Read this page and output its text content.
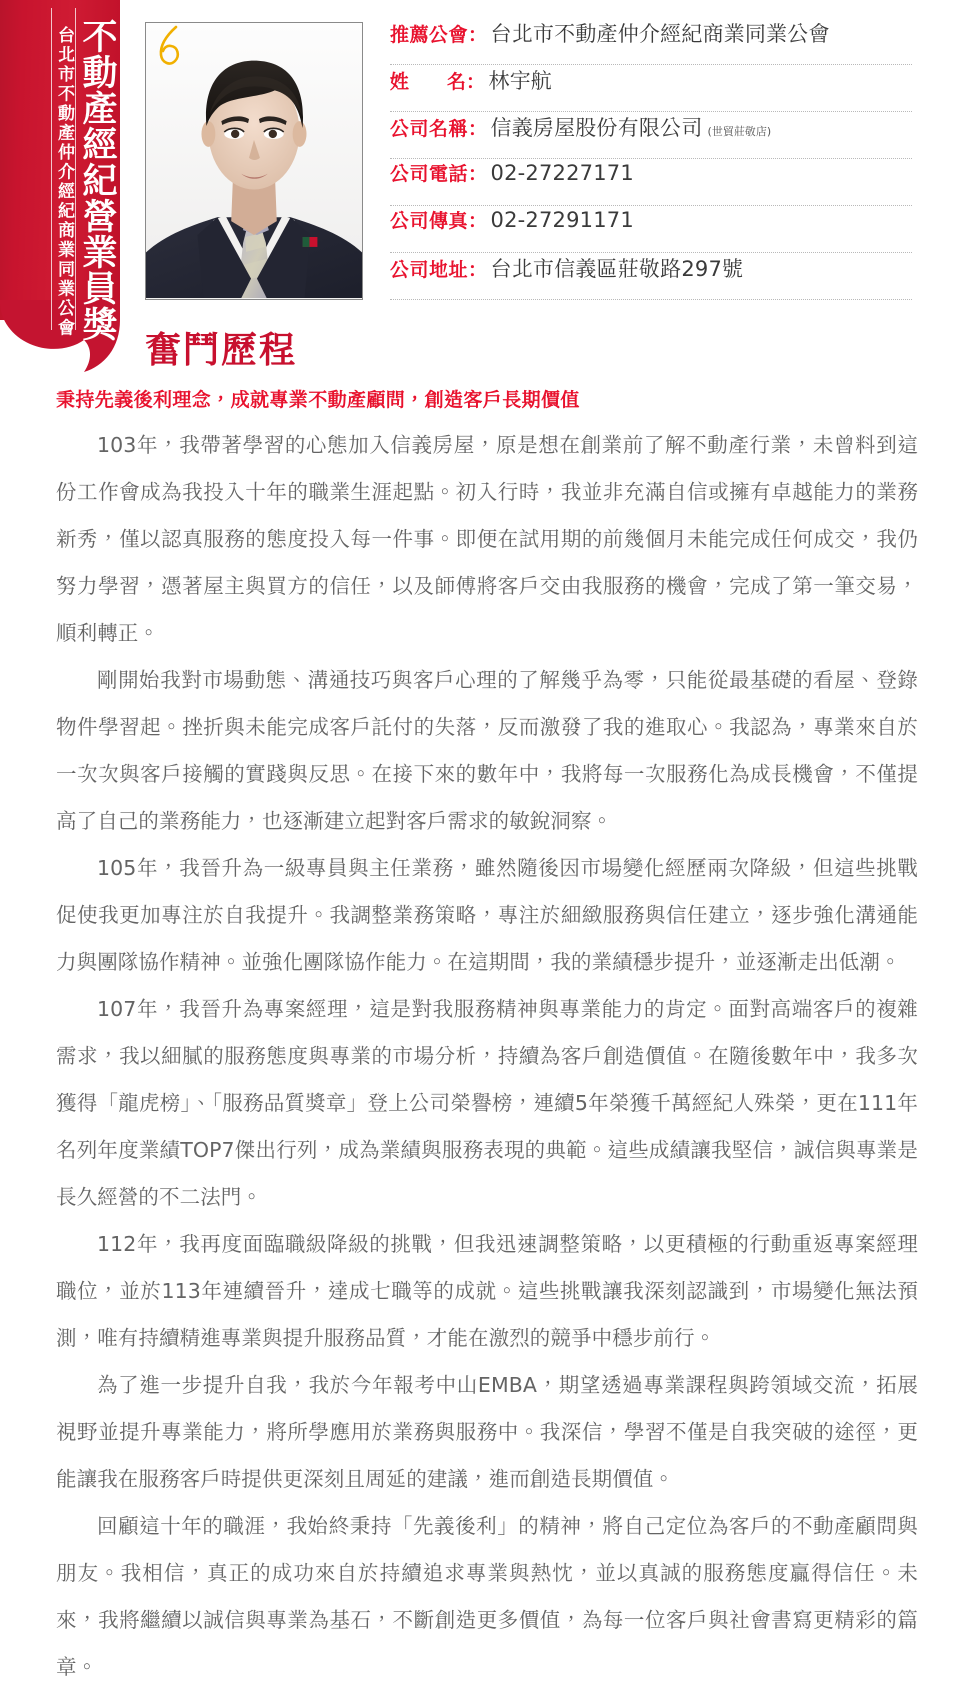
不動產經紀營業員獎
台北市不動產仲介經紀商業同業公會	推薦公會 ： 台北市不動產仲介經紀商業同業公會
姓　　名 ： 林宇航
公司名稱 ： 信義房屋股份有限公司 (世貿莊敬店)
公司電話 ： 02-27227171
公司傳真 ： 02-27291171
公司地址 ： 台北市信義區莊敬路297號
奮鬥歷程

秉持先義後利理念，成就專業不動產顧問，創造客戶長期價值

103年，我帶著學習的心態加入信義房屋，原是想在創業前了解不動產行業，未曾料到這份工作會成為我投入十年的職業生涯起點。初入行時，我並非充滿自信或擁有卓越能力的業務新秀，僅以認真服務的態度投入每一件事。即便在試用期的前幾個月未能完成任何成交，我仍努力學習，憑著屋主與買方的信任，以及師傅將客戶交由我服務的機會，完成了第一筆交易，順利轉正。

剛開始我對市場動態、溝通技巧與客戶心理的了解幾乎為零，只能從最基礎的看屋、登錄物件學習起。挫折與未能完成客戶託付的失落，反而激發了我的進取心。我認為，專業來自於一次次與客戶接觸的實踐與反思。在接下來的數年中，我將每一次服務化為成長機會，不僅提高了自己的業務能力，也逐漸建立起對客戶需求的敏銳洞察。

105年，我晉升為一級專員與主任業務，雖然隨後因市場變化經歷兩次降級，但這些挑戰促使我更加專注於自我提升。我調整業務策略，專注於細緻服務與信任建立，逐步強化溝通能力與團隊協作精神。並強化團隊協作能力。在這期間，我的業績穩步提升，並逐漸走出低潮。

107年，我晉升為專案經理，這是對我服務精神與專業能力的肯定。面對高端客戶的複雜需求，我以細膩的服務態度與專業的市場分析，持續為客戶創造價值。在隨後數年中，我多次獲得「龍虎榜」、「服務品質獎章」登上公司榮譽榜，連續5年榮獲千萬經紀人殊榮，更在111年名列年度業績TOP7傑出行列，成為業績與服務表現的典範。這些成績讓我堅信，誠信與專業是長久經營的不二法門。

112年，我再度面臨職級降級的挑戰，但我迅速調整策略，以更積極的行動重返專案經理職位，並於113年連續晉升，達成七職等的成就。這些挑戰讓我深刻認識到，市場變化無法預測，唯有持續精進專業與提升服務品質，才能在激烈的競爭中穩步前行。

為了進一步提升自我，我於今年報考中山EMBA，期望透過專業課程與跨領域交流，拓展視野並提升專業能力，將所學應用於業務與服務中。我深信，學習不僅是自我突破的途徑，更能讓我在服務客戶時提供更深刻且周延的建議，進而創造長期價值。

回顧這十年的職涯，我始終秉持「先義後利」的精神，將自己定位為客戶的不動產顧問與朋友。我相信，真正的成功來自於持續追求專業與熱忱，並以真誠的服務態度贏得信任。未來，我將繼續以誠信與專業為基石，不斷創造更多價值，為每一位客戶與社會書寫更精彩的篇章。
